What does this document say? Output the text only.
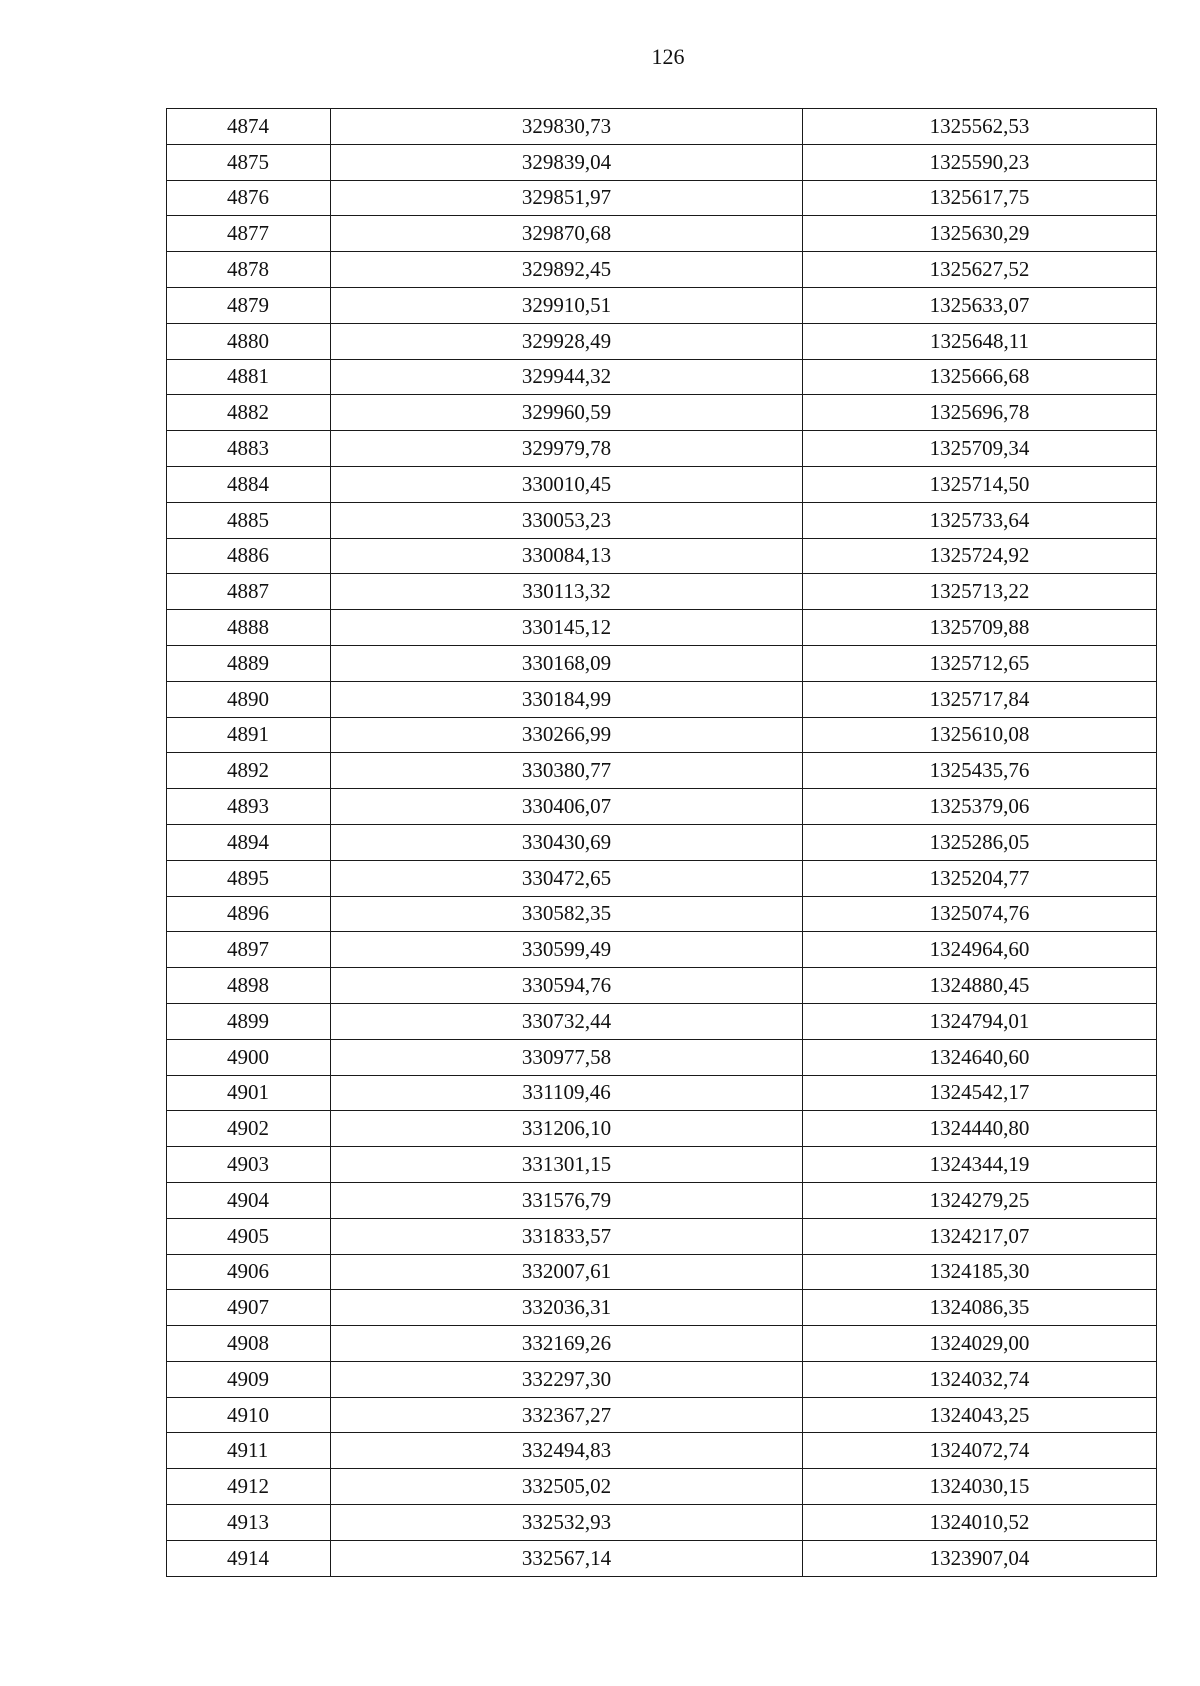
126
4874	329830,73	1325562,53
4875	329839,04	1325590,23
4876	329851,97	1325617,75
4877	329870,68	1325630,29
4878	329892,45	1325627,52
4879	329910,51	1325633,07
4880	329928,49	1325648,11
4881	329944,32	1325666,68
4882	329960,59	1325696,78
4883	329979,78	1325709,34
4884	330010,45	1325714,50
4885	330053,23	1325733,64
4886	330084,13	1325724,92
4887	330113,32	1325713,22
4888	330145,12	1325709,88
4889	330168,09	1325712,65
4890	330184,99	1325717,84
4891	330266,99	1325610,08
4892	330380,77	1325435,76
4893	330406,07	1325379,06
4894	330430,69	1325286,05
4895	330472,65	1325204,77
4896	330582,35	1325074,76
4897	330599,49	1324964,60
4898	330594,76	1324880,45
4899	330732,44	1324794,01
4900	330977,58	1324640,60
4901	331109,46	1324542,17
4902	331206,10	1324440,80
4903	331301,15	1324344,19
4904	331576,79	1324279,25
4905	331833,57	1324217,07
4906	332007,61	1324185,30
4907	332036,31	1324086,35
4908	332169,26	1324029,00
4909	332297,30	1324032,74
4910	332367,27	1324043,25
4911	332494,83	1324072,74
4912	332505,02	1324030,15
4913	332532,93	1324010,52
4914	332567,14	1323907,04
